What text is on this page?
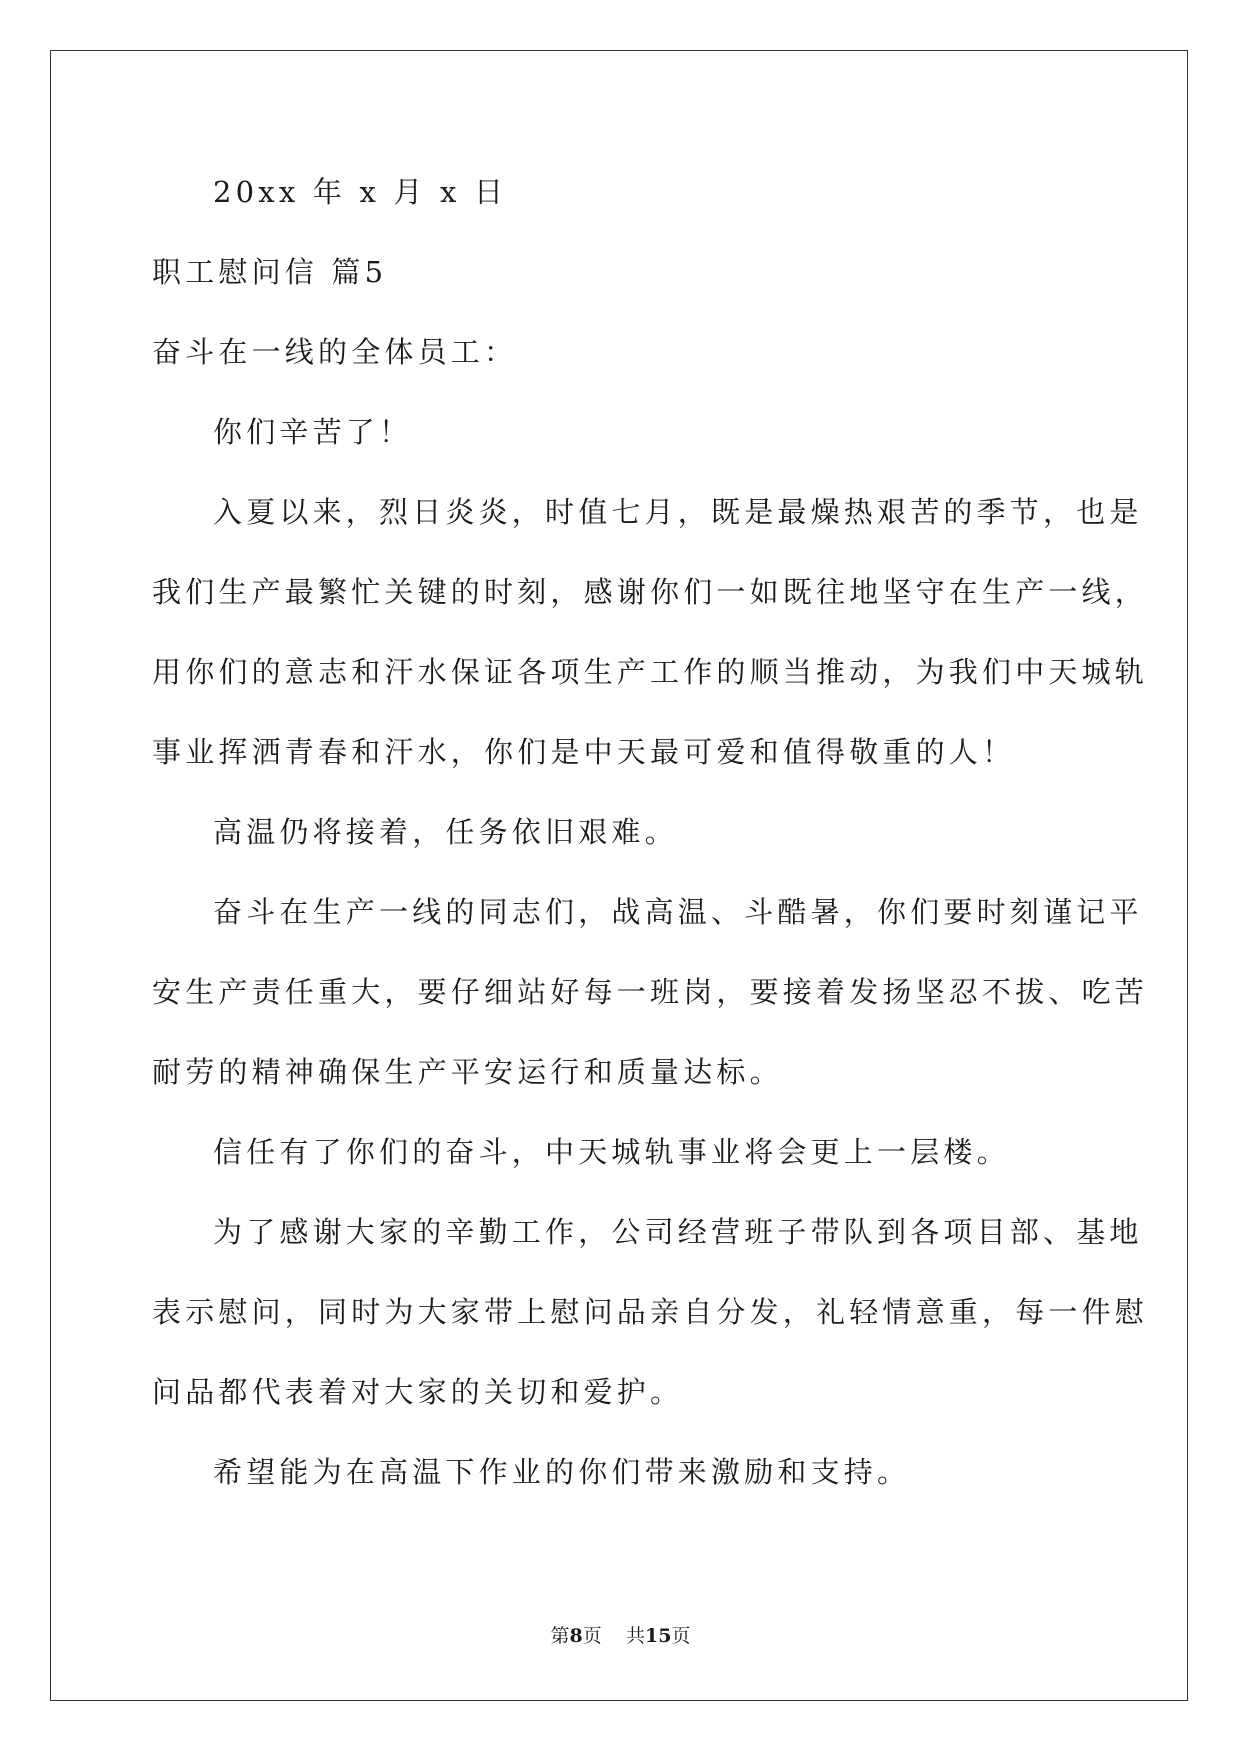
20xx 年 x 月 x 日

职工慰问信 篇5

奋斗在一线的全体员工：

你们辛苦了！

入夏以来，烈日炎炎，时值七月，既是最燥热艰苦的季节，也是

我们生产最繁忙关键的时刻，感谢你们一如既往地坚守在生产一线，

用你们的意志和汗水保证各项生产工作的顺当推动，为我们中天城轨

事业挥洒青春和汗水，你们是中天最可爱和值得敬重的人！

高温仍将接着，任务依旧艰难。

奋斗在生产一线的同志们，战高温、斗酷暑，你们要时刻谨记平

安生产责任重大，要仔细站好每一班岗，要接着发扬坚忍不拔、吃苦

耐劳的精神确保生产平安运行和质量达标。

信任有了你们的奋斗，中天城轨事业将会更上一层楼。

为了感谢大家的辛勤工作，公司经营班子带队到各项目部、基地

表示慰问，同时为大家带上慰问品亲自分发，礼轻情意重，每一件慰

问品都代表着对大家的关切和爱护。

希望能为在高温下作业的你们带来激励和支持。

第8页 共15页
